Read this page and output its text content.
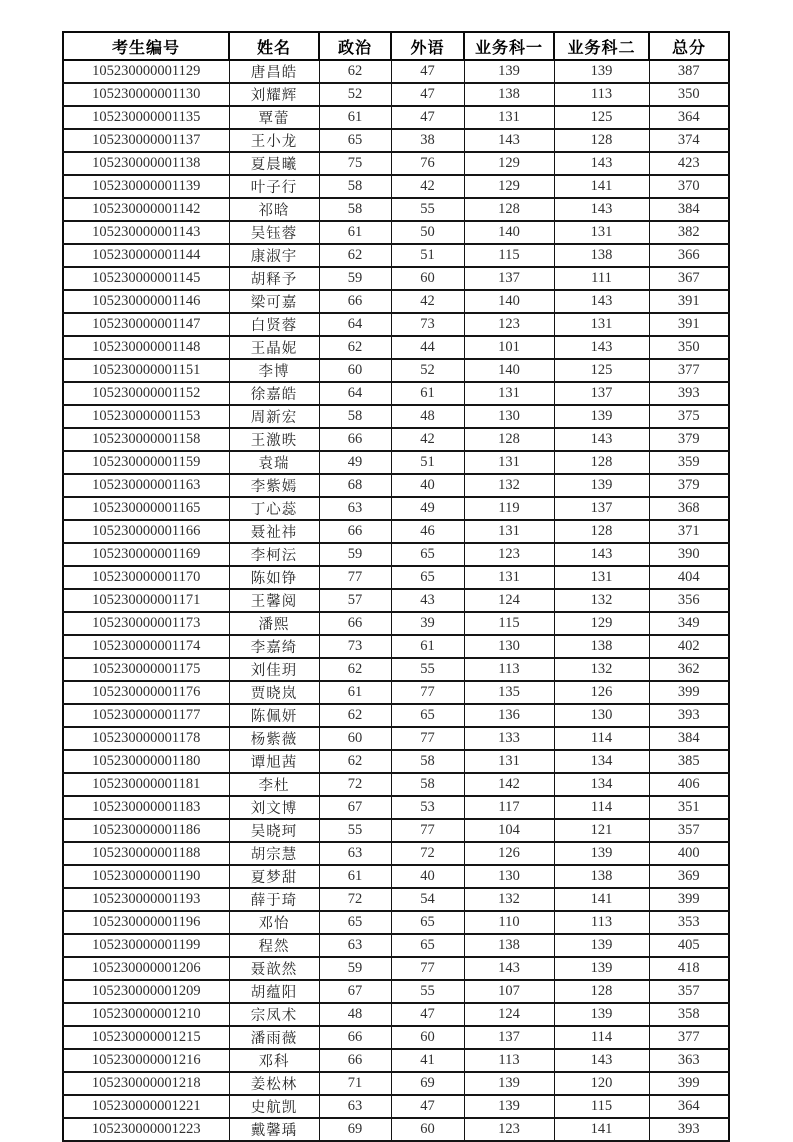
考生编号	姓名	政治	外语	业务科一	业务科二	总分
105230000001129	唐昌皓	62	47	139	139	387
105230000001130	刘耀辉	52	47	138	113	350
105230000001135	覃蕾	61	47	131	125	364
105230000001137	王小龙	65	38	143	128	374
105230000001138	夏晨曦	75	76	129	143	423
105230000001139	叶子行	58	42	129	141	370
105230000001142	祁晗	58	55	128	143	384
105230000001143	吴钰蓉	61	50	140	131	382
105230000001144	康淑宇	62	51	115	138	366
105230000001145	胡释予	59	60	137	111	367
105230000001146	梁可嘉	66	42	140	143	391
105230000001147	白贤蓉	64	73	123	131	391
105230000001148	王晶妮	62	44	101	143	350
105230000001151	李博	60	52	140	125	377
105230000001152	徐嘉皓	64	61	131	137	393
105230000001153	周新宏	58	48	130	139	375
105230000001158	王激昳	66	42	128	143	379
105230000001159	袁瑞	49	51	131	128	359
105230000001163	李紫嫣	68	40	132	139	379
105230000001165	丁心蕊	63	49	119	137	368
105230000001166	聂祉祎	66	46	131	128	371
105230000001169	李柯沄	59	65	123	143	390
105230000001170	陈如铮	77	65	131	131	404
105230000001171	王馨阅	57	43	124	132	356
105230000001173	潘熙	66	39	115	129	349
105230000001174	李嘉绮	73	61	130	138	402
105230000001175	刘佳玥	62	55	113	132	362
105230000001176	贾晓岚	61	77	135	126	399
105230000001177	陈佩妍	62	65	136	130	393
105230000001178	杨紫薇	60	77	133	114	384
105230000001180	谭旭茜	62	58	131	134	385
105230000001181	李杜	72	58	142	134	406
105230000001183	刘文博	67	53	117	114	351
105230000001186	吴晓珂	55	77	104	121	357
105230000001188	胡宗慧	63	72	126	139	400
105230000001190	夏梦甜	61	40	130	138	369
105230000001193	薛于琦	72	54	132	141	399
105230000001196	邓怡	65	65	110	113	353
105230000001199	程然	63	65	138	139	405
105230000001206	聂歆然	59	77	143	139	418
105230000001209	胡蕴阳	67	55	107	128	357
105230000001210	宗凤术	48	47	124	139	358
105230000001215	潘雨薇	66	60	137	114	377
105230000001216	邓科	66	41	113	143	363
105230000001218	姜松林	71	69	139	120	399
105230000001221	史航凯	63	47	139	115	364
105230000001223	戴馨瑀	69	60	123	141	393
